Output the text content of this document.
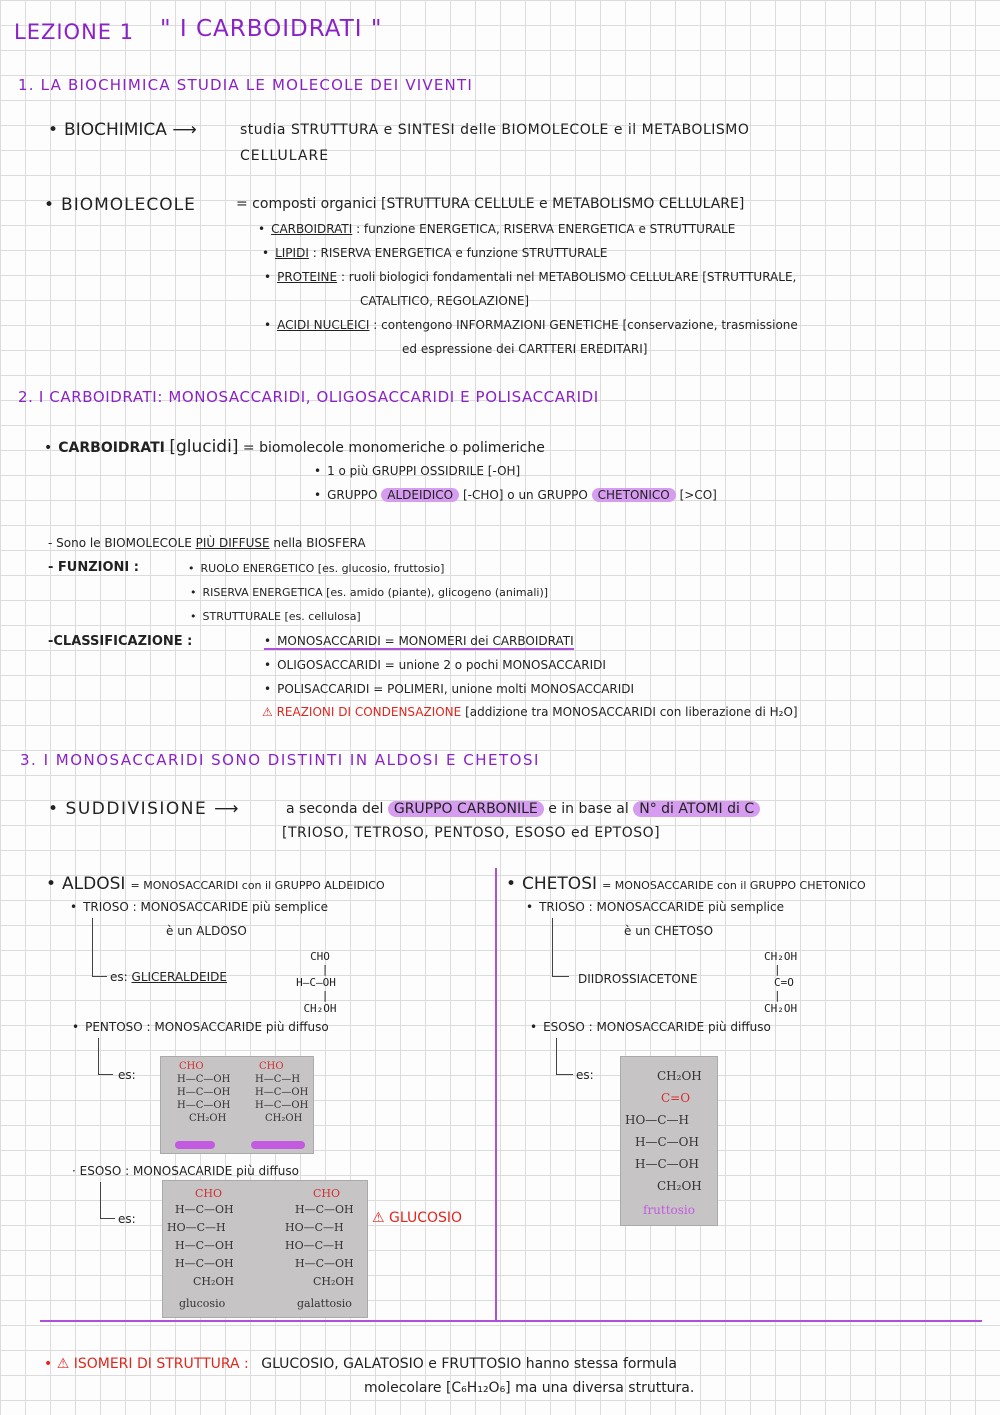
LEZIONE 1 " I CARBOIDRATI "
1. LA BIOCHIMICA STUDIA LE MOLECOLE DEI VIVENTI
• BIOCHIMICA ⟶	studia STRUTTURA e SINTESI delle BIOMOLECOLE e il METABOLISMO
CELLULARE
• BIOMOLECOLE	= composti organici [STRUTTURA CELLULE e METABOLISMO CELLULARE]
• CARBOIDRATI : funzione ENERGETICA, RISERVA ENERGETICA e STRUTTURALE
• LIPIDI : RISERVA ENERGETICA e funzione STRUTTURALE
• PROTEINE : ruoli biologici fondamentali nel METABOLISMO CELLULARE [STRUTTURALE,
CATALITICO, REGOLAZIONE]
• ACIDI NUCLEICI : contengono INFORMAZIONI GENETICHE [conservazione, trasmissione
ed espressione dei CARTTERI EREDITARI]
2. I CARBOIDRATI: MONOSACCARIDI, OLIGOSACCARIDI E POLISACCARIDI
• CARBOIDRATI [glucidi] = biomolecole monomeriche o polimeriche
• 1 o più GRUPPI OSSIDRILE [-OH]
• GRUPPO ALDEIDICO [-CHO] o un GRUPPO CHETONICO [>CO]
- Sono le BIOMOLECOLE PIÙ DIFFUSE nella BIOSFERA
- FUNZIONI : •	RUOLO ENERGETICO [es. glucosio, fruttosio]
• RISERVA ENERGETICA [es. amido (piante), glicogeno (animali)]
• STRUTTURALE [es. cellulosa]
-CLASSIFICAZIONE : •	MONOSACCARIDI = MONOMERI dei CARBOIDRATI
• OLIGOSACCARIDI = unione 2 o pochi MONOSACCARIDI
• POLISACCARIDI = POLIMERI, unione molti MONOSACCARIDI
⚠ REAZIONI DI CONDENSAZIONE [addizione tra MONOSACCARIDI con liberazione di H₂O]
3. I MONOSACCARIDI SONO DISTINTI IN ALDOSI E CHETOSI
• SUDDIVISIONE ⟶	a seconda del GRUPPO CARBONILE e in base al N° di ATOMI di C
[TRIOSO, TETROSO, PENTOSO, ESOSO ed EPTOSO]
• ALDOSI = MONOSACCARIDI con il GRUPPO ALDEIDICO
• TRIOSO : MONOSACCARIDE più semplice
è un ALDOSO
es: GLICERALDEIDE
CHO
|
H—C—OH
|
CH₂OH
• PENTOSO : MONOSACCARIDE più diffuso
es:
CHO
H—C—OH
H—C—OH
H—C—OH
CH₂OH
CHO
H—C—H
H—C—OH
H—C—OH
CH₂OH
· ESOSO : MONOSACARIDE più diffuso
es:	⚠ GLUCOSIO
CHO
H—C—OH
HO—C—H
H—C—OH
H—C—OH
CH₂OH
glucosio
CHO
H—C—OH
HO—C—H
HO—C—H
H—C—OH
CH₂OH
galattosio
• CHETOSI = MONOSACCARIDE con il GRUPPO CHETONICO
• TRIOSO : MONOSACCARIDE più semplice
è un CHETOSO
DIIDROSSIACETONE
CH₂OH
|
C=O
|
CH₂OH
• ESOSO : MONOSACCARIDE più diffuso
es:	CH₂OH
C=O
HO—C—H
H—C—OH
H—C—OH
CH₂OH
fruttosio
• ⚠ ISOMERI DI STRUTTURA : GLUCOSIO, GALATOSIO e FRUTTOSIO hanno stessa formula
molecolare [C₆H₁₂O₆] ma una diversa struttura.
